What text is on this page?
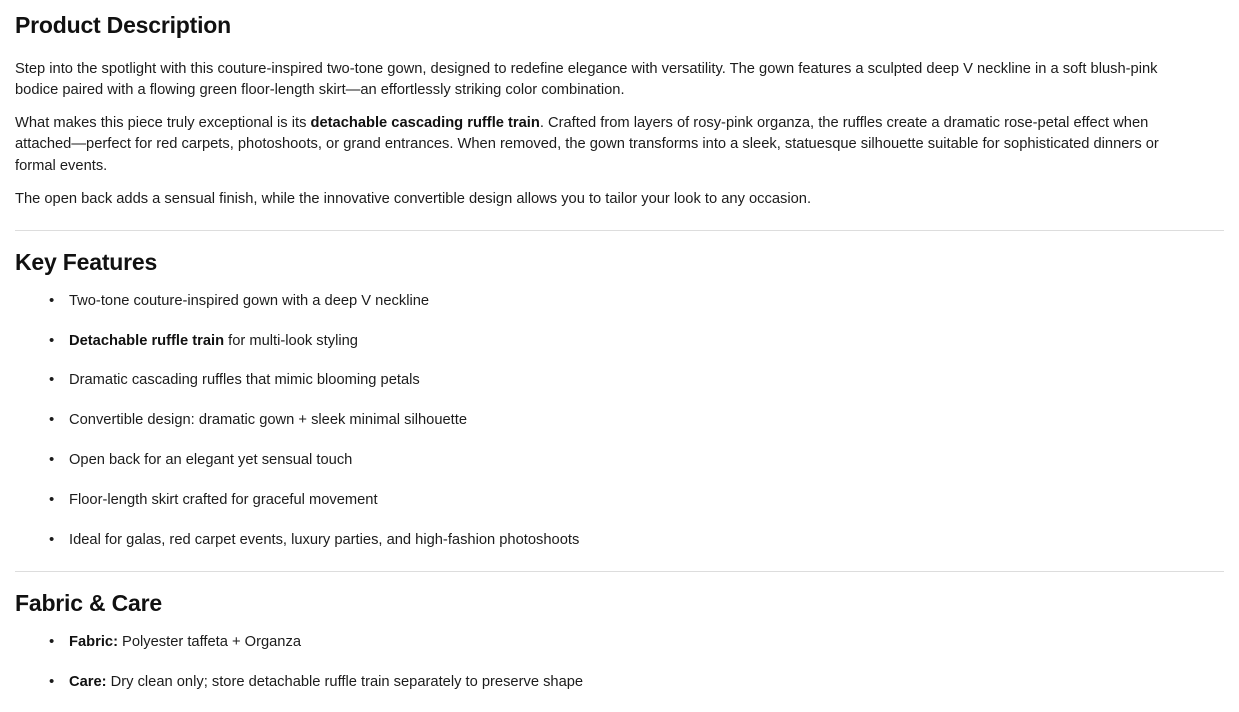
Product Description

Step into the spotlight with this couture-inspired two-tone gown, designed to redefine elegance with versatility. The gown features a sculpted deep V neckline in a soft blush-pink bodice paired with a flowing green floor-length skirt—an effortlessly striking color combination.

What makes this piece truly exceptional is its detachable cascading ruffle train. Crafted from layers of rosy-pink organza, the ruffles create a dramatic rose-petal effect when attached—perfect for red carpets, photoshoots, or grand entrances. When removed, the gown transforms into a sleek, statuesque silhouette suitable for sophisticated dinners or formal events.

The open back adds a sensual finish, while the innovative convertible design allows you to tailor your look to any occasion.

Key Features
• Two-tone couture-inspired gown with a deep V neckline
• Detachable ruffle train for multi-look styling
• Dramatic cascading ruffles that mimic blooming petals
• Convertible design: dramatic gown + sleek minimal silhouette
• Open back for an elegant yet sensual touch
• Floor-length skirt crafted for graceful movement
• Ideal for galas, red carpet events, luxury parties, and high-fashion photoshoots
Fabric & Care
• Fabric: Polyester taffeta + Organza
• Care: Dry clean only; store detachable ruffle train separately to preserve shape
